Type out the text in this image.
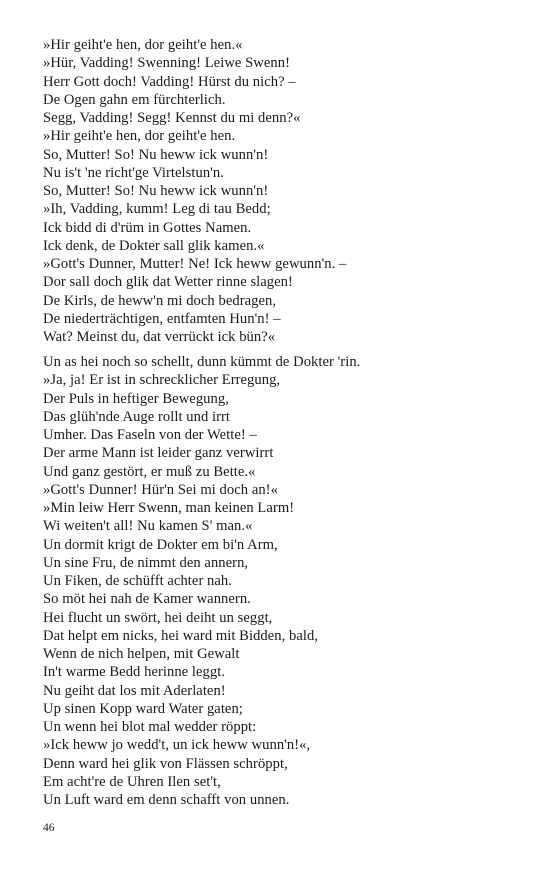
»Hir geiht'e hen, dor geiht'e hen.«
»Hür, Vadding! Swenning! Leiwe Swenn!
Herr Gott doch! Vadding! Hürst du nich? –
De Ogen gahn em fürchterlich.
Segg, Vadding! Segg! Kennst du mi denn?«
»Hir geiht'e hen, dor geiht'e hen.
So, Mutter! So! Nu heww ick wunn'n!
Nu is't 'ne richt'ge Virtelstun'n.
So, Mutter! So! Nu heww ick wunn'n!
»Ih, Vadding, kumm! Leg di tau Bedd;
Ick bidd di d'rüm in Gottes Namen.
Ick denk, de Dokter sall glik kamen.«
»Gott's Dunner, Mutter! Ne! Ick heww gewunn'n. –
Dor sall doch glik dat Wetter rinne slagen!
De Kirls, de heww'n mi doch bedragen,
De niederträchtigen, entfamten Hun'n! –
Wat? Meinst du, dat verrückt ick bün?«
Un as hei noch so schellt, dunn kümmt de Dokter 'rin.
»Ja, ja! Er ist in schrecklicher Erregung,
Der Puls in heftiger Bewegung,
Das glüh'nde Auge rollt und irrt
Umher. Das Faseln von der Wette! –
Der arme Mann ist leider ganz verwirrt
Und ganz gestört, er muß zu Bette.«
»Gott's Dunner! Hür'n Sei mi doch an!«
»Min leiw Herr Swenn, man keinen Larm!
Wi weiten't all! Nu kamen S' man.«
Un dormit krigt de Dokter em bi'n Arm,
Un sine Fru, de nimmt den annern,
Un Fiken, de schüfft achter nah.
So möt hei nah de Kamer wannern.
Hei flucht un swört, hei deiht un seggt,
Dat helpt em nicks, hei ward mit Bidden, bald,
Wenn de nich helpen, mit Gewalt
In't warme Bedd herinne leggt.
Nu geiht dat los mit Aderlaten!
Up sinen Kopp ward Water gaten;
Un wenn hei blot mal wedder röppt:
»Ick heww jo wedd't, un ick heww wunn'n!«,
Denn ward hei glik von Flässen schröppt,
Em acht're de Uhren Ilen set't,
Un Luft ward em denn schafft von unnen.
46
